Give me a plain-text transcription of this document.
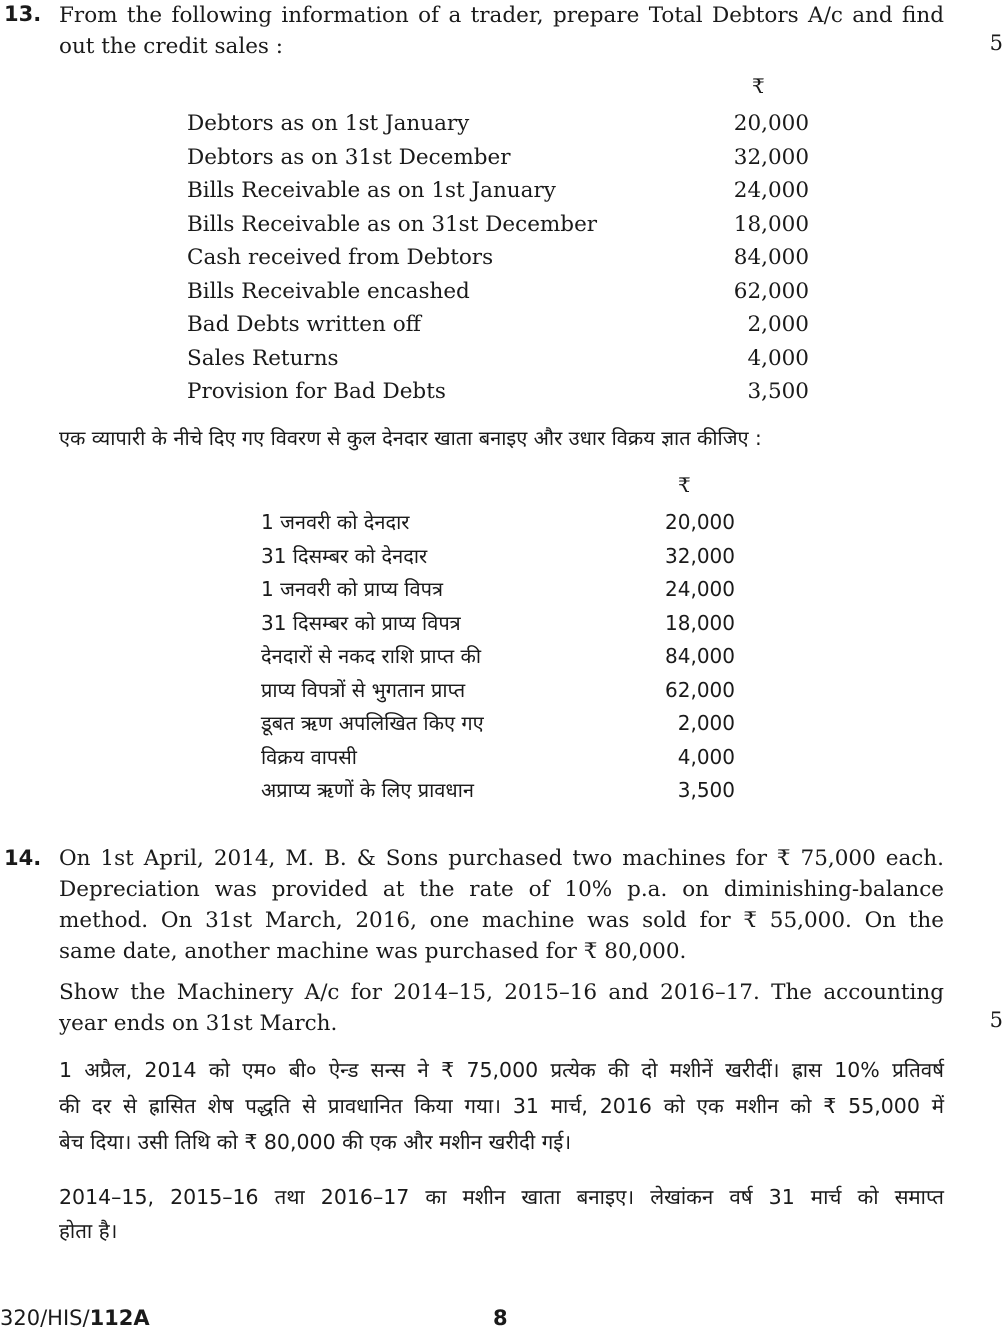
13. From the following information of a trader, prepare Total Debtors A/c and find
out the credit sales :	5
₹
Debtors as on 1st January	20,000
Debtors as on 31st December	32,000
Bills Receivable as on 1st January	24,000
Bills Receivable as on 31st December	18,000
Cash received from Debtors	84,000
Bills Receivable encashed	62,000
Bad Debts written off	2,000
Sales Returns	4,000
Provision for Bad Debts	3,500
एक व्यापारी के नीचे दिए गए विवरण से कुल देनदार खाता बनाइए और उधार विक्रय ज्ञात कीजिए :
₹
1 जनवरी को देनदार	20,000
31 दिसम्बर को देनदार	32,000
1 जनवरी को प्राप्य विपत्र	24,000
31 दिसम्बर को प्राप्य विपत्र	18,000
देनदारों से नकद राशि प्राप्त की	84,000
प्राप्य विपत्रों से भुगतान प्राप्त	62,000
डूबत ऋण अपलिखित किए गए	2,000
विक्रय वापसी	4,000
अप्राप्य ऋणों के लिए प्रावधान	3,500
14. On 1st April, 2014, M. B. & Sons purchased two machines for ₹ 75,000 each.
Depreciation was provided at the rate of 10% p.a. on diminishing-balance
method. On 31st March, 2016, one machine was sold for ₹ 55,000. On the
same date, another machine was purchased for ₹ 80,000.
Show the Machinery A/c for 2014–15, 2015–16 and 2016–17. The accounting
year ends on 31st March.	5
1 अप्रैल, 2014 को एम० बी० ऐन्ड सन्स ने ₹ 75,000 प्रत्येक की दो मशीनें खरीदीं। ह्रास 10% प्रतिवर्ष
की दर से ह्रासित शेष पद्धति से प्रावधानित किया गया। 31 मार्च, 2016 को एक मशीन को ₹ 55,000 में
बेच दिया। उसी तिथि को ₹ 80,000 की एक और मशीन खरीदी गई।
2014–15, 2015–16 तथा 2016–17 का मशीन खाता बनाइए। लेखांकन वर्ष 31 मार्च को समाप्त
होता है।
320/HIS/112A	8
